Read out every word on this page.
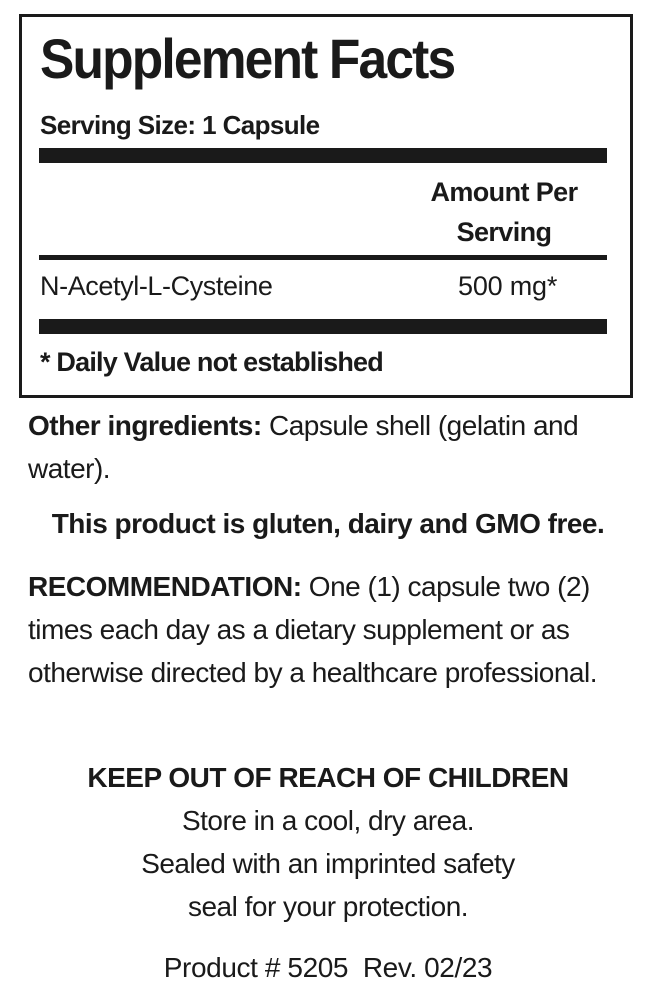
Supplement Facts
Serving Size: 1 Capsule
Amount Per
Serving
N-Acetyl-L-Cysteine	500 mg*
* Daily Value not established
Other ingredients: Capsule shell (gelatin and water).
This product is gluten, dairy and GMO free.
RECOMMENDATION: One (1) capsule two (2) times each day as a dietary supplement or as otherwise directed by a healthcare professional.
KEEP OUT OF REACH OF CHILDREN
Store in a cool, dry area.
Sealed with an imprinted safety
seal for your protection.
Product # 5205  Rev. 02/23
